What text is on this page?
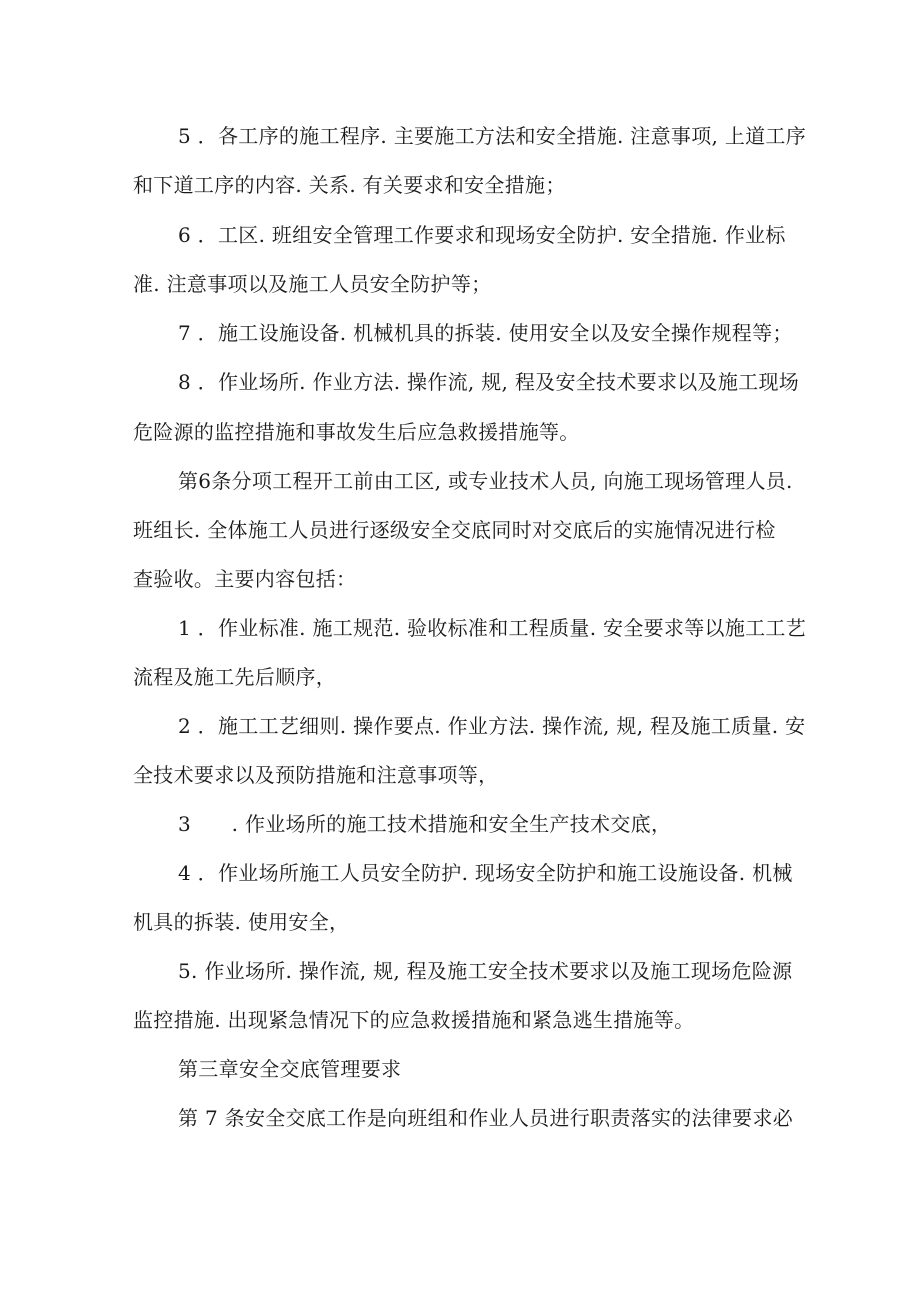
5 ．各工序的施工程序. 主要施工方法和安全措施. 注意事项, 上道工序
和下道工序的内容. 关系. 有关要求和安全措施；
6 ．工区. 班组安全管理工作要求和现场安全防护. 安全措施. 作业标
准. 注意事项以及施工人员安全防护等；
7 ．施工设施设备. 机械机具的拆装. 使用安全以及安全操作规程等；
8 ．作业场所. 作业方法. 操作流, 规, 程及安全技术要求以及施工现场
危险源的监控措施和事故发生后应急救援措施等。
第6条分项工程开工前由工区, 或专业技术人员, 向施工现场管理人员.
班组长. 全体施工人员进行逐级安全交底同时对交底后的实施情况进行检
查验收。主要内容包括：
1 ．作业标准. 施工规范. 验收标准和工程质量. 安全要求等以施工工艺
流程及施工先后顺序，
2 ．施工工艺细则. 操作要点. 作业方法. 操作流, 规, 程及施工质量. 安
全技术要求以及预防措施和注意事项等，
3　　. 作业场所的施工技术措施和安全生产技术交底，
4 ．作业场所施工人员安全防护. 现场安全防护和施工设施设备. 机械
机具的拆装. 使用安全，
5. 作业场所. 操作流, 规, 程及施工安全技术要求以及施工现场危险源
监控措施. 出现紧急情况下的应急救援措施和紧急逃生措施等。
第三章安全交底管理要求
第 7 条安全交底工作是向班组和作业人员进行职责落实的法律要求必
